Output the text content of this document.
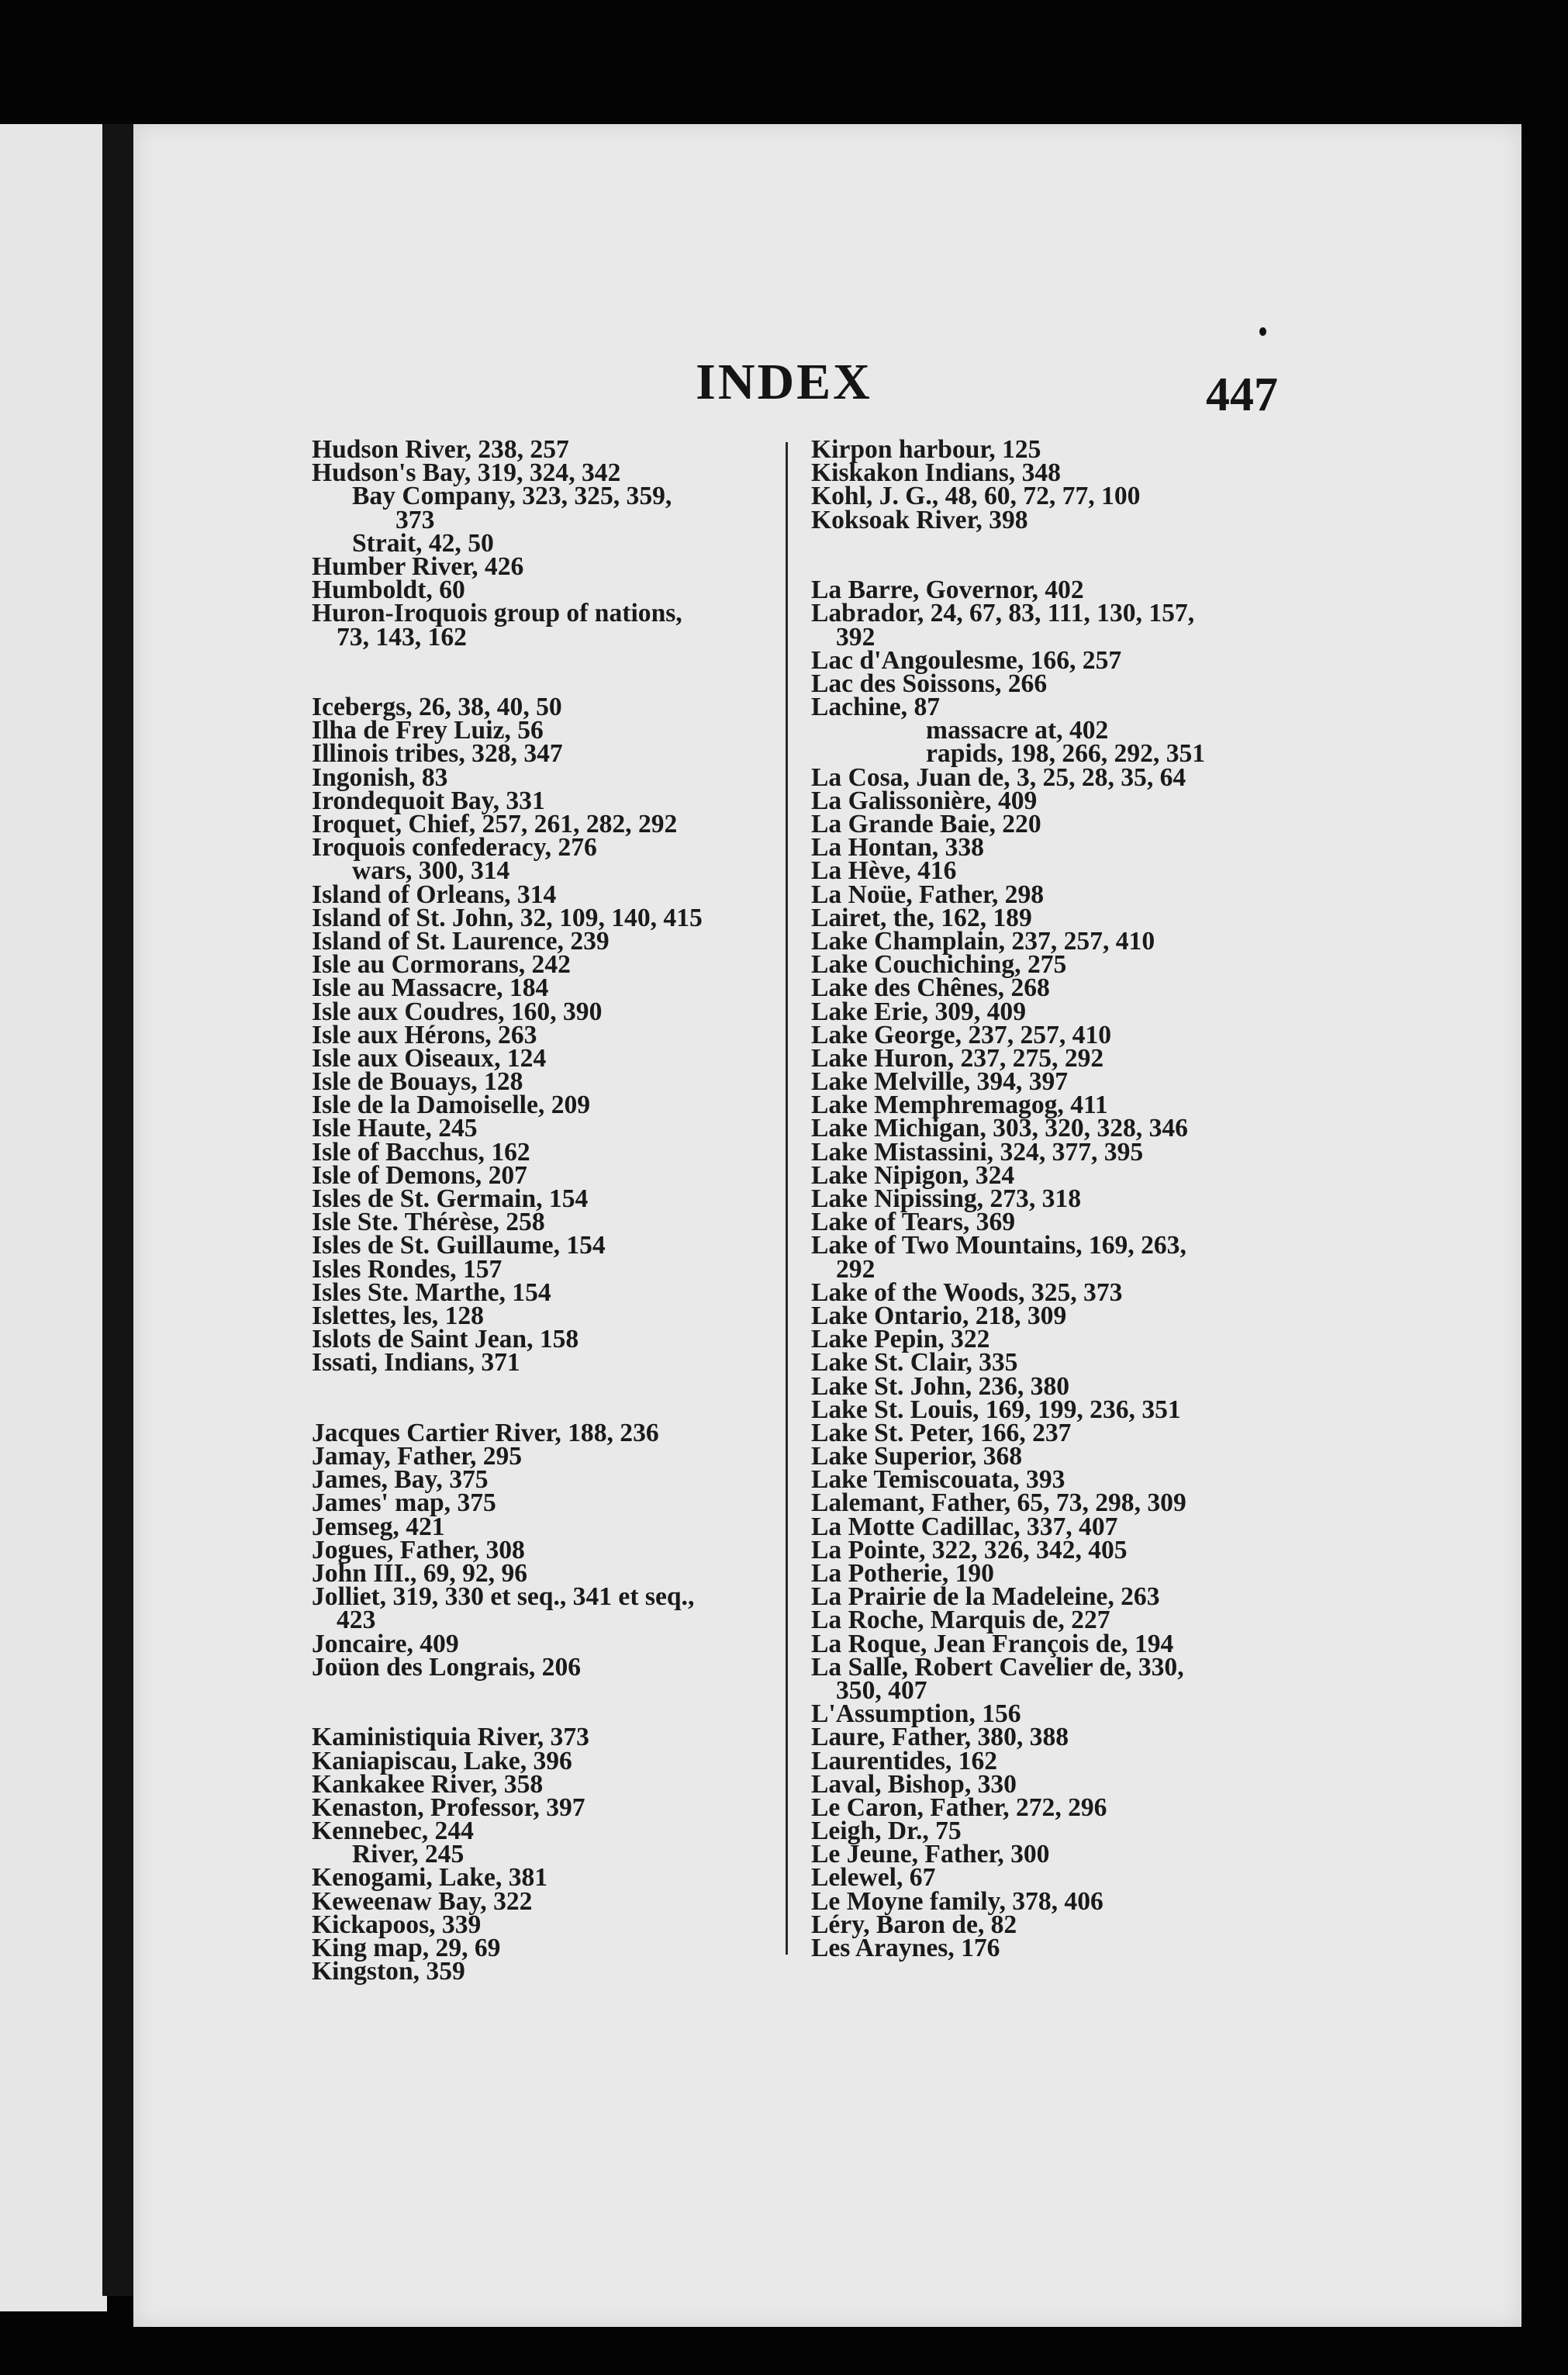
INDEX	447
Hudson River, 238, 257
Hudson's Bay, 319, 324, 342
Bay Company, 323, 325, 359,
373
Strait, 42, 50
Humber River, 426
Humboldt, 60
Huron-Iroquois group of nations,
73, 143, 162
Icebergs, 26, 38, 40, 50
Ilha de Frey Luiz, 56
Illinois tribes, 328, 347
Ingonish, 83
Irondequoit Bay, 331
Iroquet, Chief, 257, 261, 282, 292
Iroquois confederacy, 276
wars, 300, 314
Island of Orleans, 314
Island of St. John, 32, 109, 140, 415
Island of St. Laurence, 239
Isle au Cormorans, 242
Isle au Massacre, 184
Isle aux Coudres, 160, 390
Isle aux Hérons, 263
Isle aux Oiseaux, 124
Isle de Bouays, 128
Isle de la Damoiselle, 209
Isle Haute, 245
Isle of Bacchus, 162
Isle of Demons, 207
Isles de St. Germain, 154
Isle Ste. Thérèse, 258
Isles de St. Guillaume, 154
Isles Rondes, 157
Isles Ste. Marthe, 154
Islettes, les, 128
Islots de Saint Jean, 158
Issati, Indians, 371
Jacques Cartier River, 188, 236
Jamay, Father, 295
James, Bay, 375
James' map, 375
Jemseg, 421
Jogues, Father, 308
John III., 69, 92, 96
Jolliet, 319, 330 et seq., 341 et seq.,
423
Joncaire, 409
Joüon des Longrais, 206
Kaministiquia River, 373
Kaniapiscau, Lake, 396
Kankakee River, 358
Kenaston, Professor, 397
Kennebec, 244
River, 245
Kenogami, Lake, 381
Keweenaw Bay, 322
Kickapoos, 339
King map, 29, 69
Kingston, 359
Kirpon harbour, 125
Kiskakon Indians, 348
Kohl, J. G., 48, 60, 72, 77, 100
Koksoak River, 398
La Barre, Governor, 402
Labrador, 24, 67, 83, 111, 130, 157,
392
Lac d'Angoulesme, 166, 257
Lac des Soissons, 266
Lachine, 87
massacre at, 402
rapids, 198, 266, 292, 351
La Cosa, Juan de, 3, 25, 28, 35, 64
La Galissonière, 409
La Grande Baie, 220
La Hontan, 338
La Hève, 416
La Noüe, Father, 298
Lairet, the, 162, 189
Lake Champlain, 237, 257, 410
Lake Couchiching, 275
Lake des Chênes, 268
Lake Erie, 309, 409
Lake George, 237, 257, 410
Lake Huron, 237, 275, 292
Lake Melville, 394, 397
Lake Memphremagog, 411
Lake Michigan, 303, 320, 328, 346
Lake Mistassini, 324, 377, 395
Lake Nipigon, 324
Lake Nipissing, 273, 318
Lake of Tears, 369
Lake of Two Mountains, 169, 263,
292
Lake of the Woods, 325, 373
Lake Ontario, 218, 309
Lake Pepin, 322
Lake St. Clair, 335
Lake St. John, 236, 380
Lake St. Louis, 169, 199, 236, 351
Lake St. Peter, 166, 237
Lake Superior, 368
Lake Temiscouata, 393
Lalemant, Father, 65, 73, 298, 309
La Motte Cadillac, 337, 407
La Pointe, 322, 326, 342, 405
La Potherie, 190
La Prairie de la Madeleine, 263
La Roche, Marquis de, 227
La Roque, Jean François de, 194
La Salle, Robert Cavelier de, 330,
350, 407
L'Assumption, 156
Laure, Father, 380, 388
Laurentides, 162
Laval, Bishop, 330
Le Caron, Father, 272, 296
Leigh, Dr., 75
Le Jeune, Father, 300
Lelewel, 67
Le Moyne family, 378, 406
Léry, Baron de, 82
Les Araynes, 176
